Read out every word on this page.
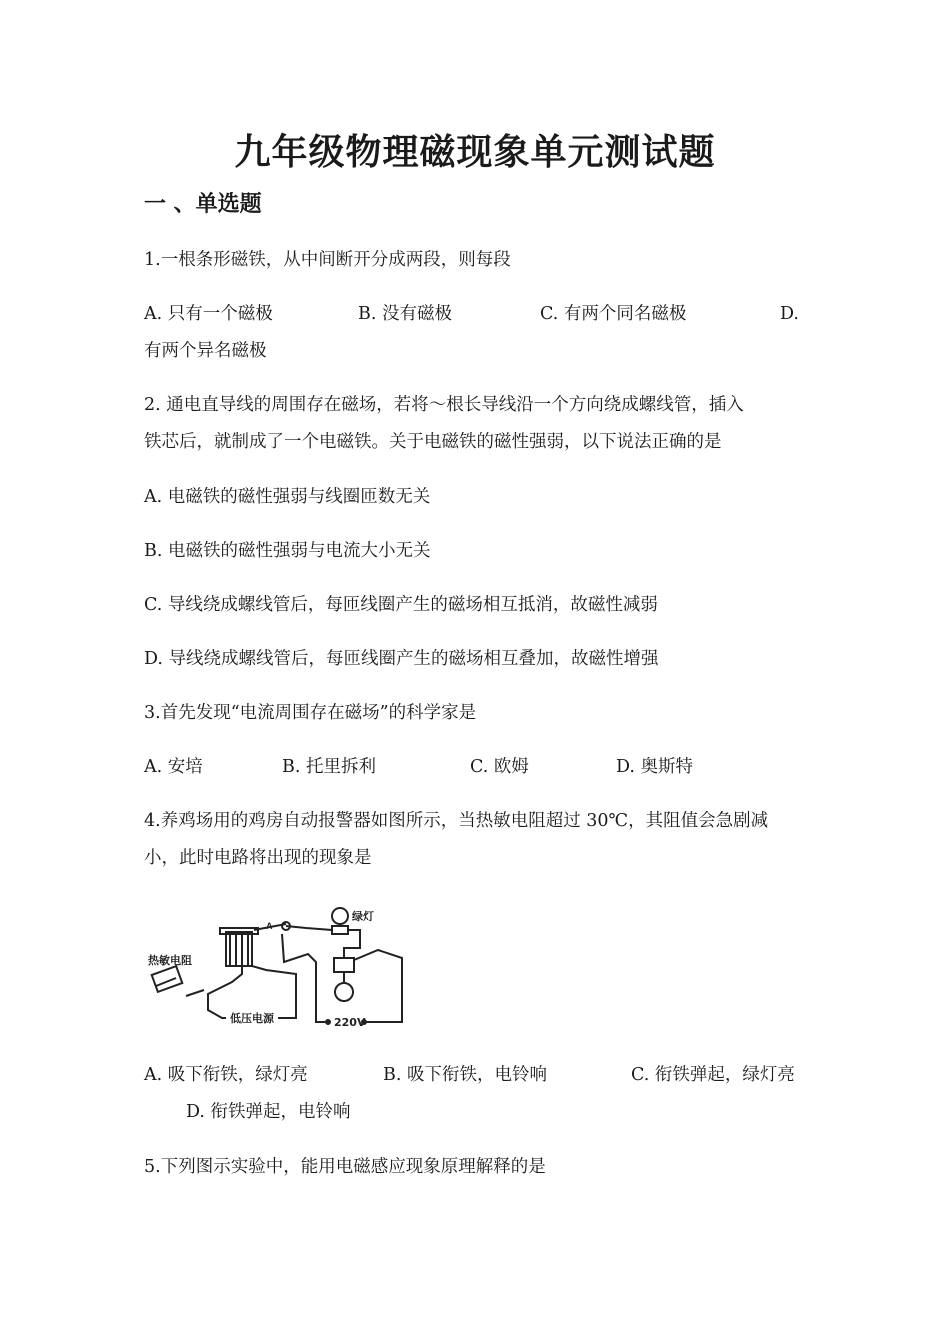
九年级物理磁现象单元测试题
一 、单选题
1.一根条形磁铁，从中间断开分成两段，则每段
A. 只有一个磁极	B. 没有磁极	C. 有两个同名磁极	D.
有两个异名磁极
2. 通电直导线的周围存在磁场，若将～根长导线沿一个方向绕成螺线管，插入
铁芯后，就制成了一个电磁铁。关于电磁铁的磁性强弱，以下说法正确的是
A. 电磁铁的磁性强弱与线圈匝数无关
B. 电磁铁的磁性强弱与电流大小无关
C. 导线绕成螺线管后，每匝线圈产生的磁场相互抵消，故磁性减弱
D. 导线绕成螺线管后，每匝线圈产生的磁场相互叠加，故磁性增强
3.首先发现“电流周围存在磁场”的科学家是
A. 安培	B. 托里拆利	C. 欧姆	D. 奥斯特
4.养鸡场用的鸡房自动报警器如图所示，当热敏电阻超过 30℃，其阻值会急剧减
小，此时电路将出现的现象是
A
绿灯
热敏电阻
低压电源	220V
A. 吸下衔铁，绿灯亮	B. 吸下衔铁，电铃响	C. 衔铁弹起，绿灯亮
D. 衔铁弹起，电铃响
5.下列图示实验中，能用电磁感应现象原理解释的是
